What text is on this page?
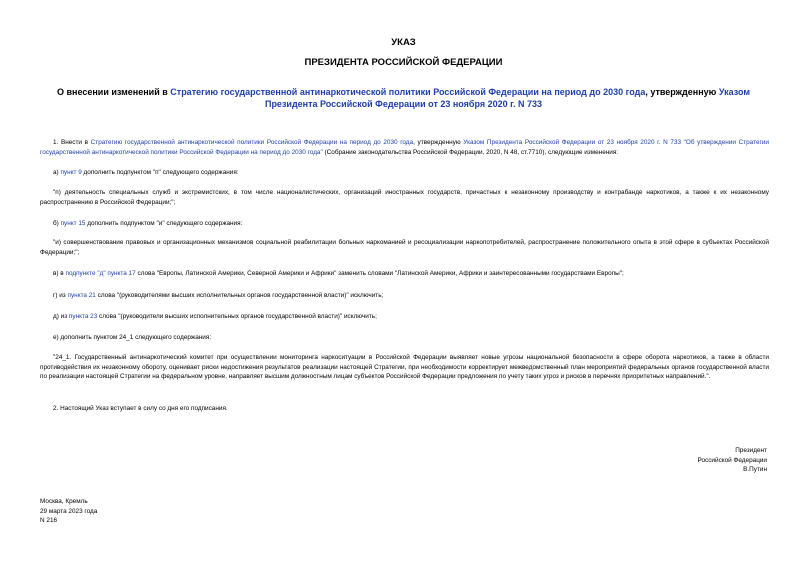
УКАЗ
ПРЕЗИДЕНТА РОССИЙСКОЙ ФЕДЕРАЦИИ
О внесении изменений в Стратегию государственной антинаркотической политики Российской Федерации на период до 2030 года, утвержденную Указом Президента Российской Федерации от 23 ноября 2020 г. N 733
1. Внести в Стратегию государственной антинаркотической политики Российской Федерации на период до 2030 года, утвержденную Указом Президента Российской Федерации от 23 ноября 2020 г. N 733 "Об утверждении Стратегии государственной антинаркотической политики Российской Федерации на период до 2030 года" (Собрание законодательства Российской Федерации, 2020, N 48, ст.7710), следующие изменения:
а) пункт 9 дополнить подпунктом "п" следующего содержания:
"п) деятельность специальных служб и экстремистских, в том числе националистических, организаций иностранных государств, причастных к незаконному производству и контрабанде наркотиков, а также к их незаконному распространению в Российской Федерации;";
б) пункт 15 дополнить подпунктом "и" следующего содержания:
"и) совершенствование правовых и организационных механизмов социальной реабилитации больных наркоманией и ресоциализации наркопотребителей, распространение положительного опыта в этой сфере в субъектах Российской Федерации;";
в) в подпункте "д" пункта 17 слова "Европы, Латинской Америки, Северной Америки и Африки" заменить словами "Латинской Америки, Африки и заинтересованными государствами Европы";
г) из пункта 21 слова "(руководителями высших исполнительных органов государственной власти)" исключить;
д) из пункта 23 слова "(руководители высших исполнительных органов государственной власти)" исключить;
е) дополнить пунктом 24_1 следующего содержания:
"24_1. Государственный антинаркотический комитет при осуществлении мониторинга наркоситуации в Российской Федерации выявляет новые угрозы национальной безопасности в сфере оборота наркотиков, а также в области противодействия их незаконному обороту, оценивает риски недостижения результатов реализации настоящей Стратегии, при необходимости корректирует межведомственный план мероприятий федеральных органов государственной власти по реализации настоящей Стратегии на федеральном уровне, направляет высшим должностным лицам субъектов Российской Федерации предложения по учету таких угроз и рисков в перечнях приоритетных направлений.".
2. Настоящий Указ вступает в силу со дня его подписания.
Президент
Российской Федерации
В.Путин
Москва, Кремль
29 марта 2023 года
N 216
